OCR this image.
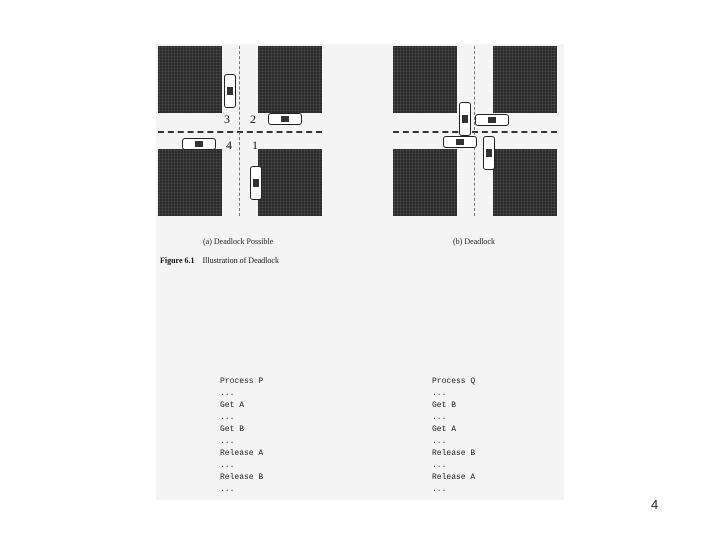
3 2
4 1
(a) Deadlock Possible	(b) Deadlock
Figure 6.1 Illustration of Deadlock
Process P
...
Get A
...
Get B
...
Release A
...
Release B
...
Process Q
...
Get B
...
Get A
...
Release B
...
Release A
...
4
